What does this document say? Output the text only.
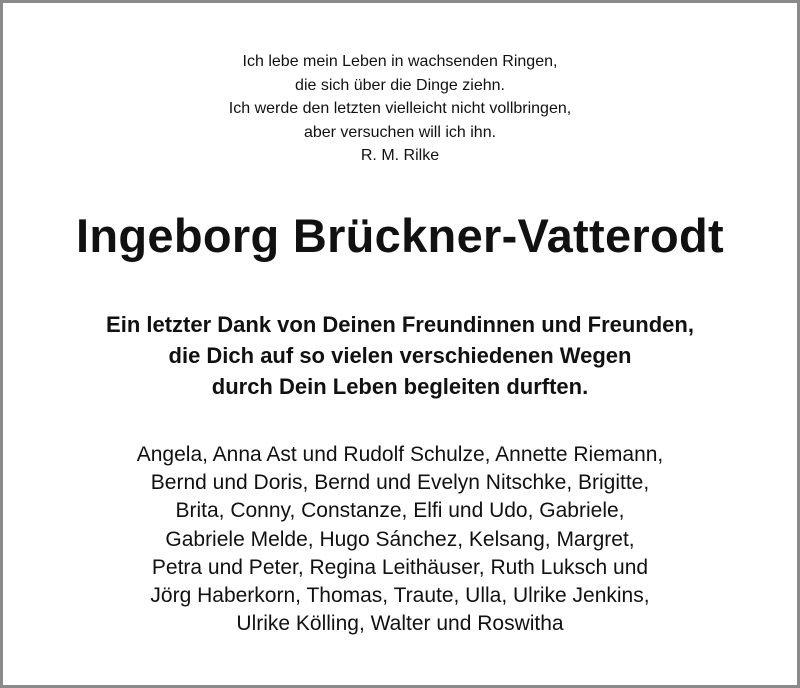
Ich lebe mein Leben in wachsenden Ringen,
die sich über die Dinge ziehn.
Ich werde den letzten vielleicht nicht vollbringen,
aber versuchen will ich ihn.
R. M. Rilke
Ingeborg Brückner-Vatterodt
Ein letzter Dank von Deinen Freundinnen und Freunden,
die Dich auf so vielen verschiedenen Wegen
durch Dein Leben begleiten durften.
Angela, Anna Ast und Rudolf Schulze, Annette Riemann,
Bernd und Doris, Bernd und Evelyn Nitschke, Brigitte,
Brita, Conny, Constanze, Elfi und Udo, Gabriele,
Gabriele Melde, Hugo Sánchez, Kelsang, Margret,
Petra und Peter, Regina Leithäuser, Ruth Luksch und
Jörg Haberkorn, Thomas, Traute, Ulla, Ulrike Jenkins,
Ulrike Kölling, Walter und Roswitha
